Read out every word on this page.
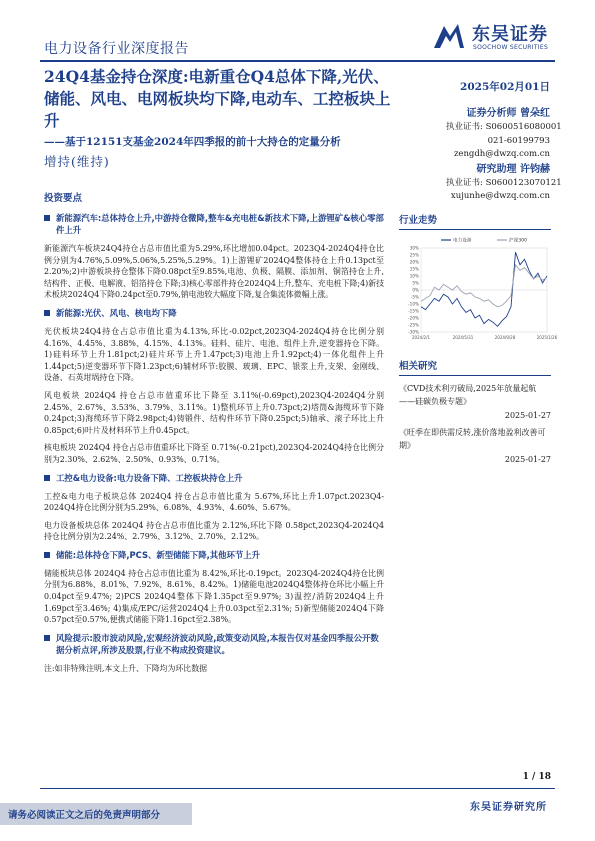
电力设备行业深度报告
东吴证券
SOOCHOW SECURITIES
24Q4基金持仓深度:电新重仓Q4总体下降,光伏、储能、风电、电网板块均下降,电动车、工控板块上升
——基于12151支基金2024年四季报的前十大持仓的定量分析
增持(维持)
2025年02月01日
证券分析师 曾朵红
执业证书: S0600516080001
021-60199793
zengdh@dwzq.com.cn
研究助理 许钧赫
执业证书: S0600123070121
xujunhe@dwzq.com.cn
投资要点
新能源汽车:总体持仓上升,中游持仓微降,整车&充电桩&新技术下降,上游锂矿&核心零部件上升

新能源汽车板块24Q4持仓占总市值比重为5.29%,环比增加0.04pct。2023Q4-2024Q4持仓比例分别为4.76%,5.09%,5.06%,5.25%,5.29%。1)上游锂矿2024Q4整体持仓上升0.13pct至2.20%;2)中游板块持仓整体下降0.08pct至9.85%,电池、负极、隔膜、添加剂、铜箔持仓上升,结构件、正极、电解液、铝箔持仓下降;3)核心零部件持仓2024Q4上升,整车、充电桩下降;4)新技术板块2024Q4下降0.24pct至0.79%,钠电池较大幅度下降,复合集流体微幅上涨。

新能源:光伏、风电、核电均下降

光伏板块24Q4持仓占总市值比重为4.13%,环比-0.02pct,2023Q4-2024Q4持仓比例分别4.16%、4.45%、3.88%、4.15%、4.13%。硅料、硅片、电池、组件上升,逆变器持仓下降。1)硅料环节上升1.81pct;2)硅片环节上升1.47pct;3)电池上升1.92pct;4)一体化组件上升1.44pct;5)逆变器环节下降1.23pct;6)辅材环节:胶膜、玻璃、EPC、银浆上升,支架、金刚线、设备、石英坩埚持仓下降。

风电板块 2024Q4 持仓占总市值重环比下降至 3.11%(-0.69pct),2023Q4-2024Q4分别2.45%、2.67%、3.53%、3.79%、3.11%。1)整机环节上升0.73pct;2)塔筒&海缆环节下降0.24pct;3)海缆环节下降2.98pct;4)铸锻件、结构件环节下降0.25pct;5)轴承、滚子环比上升0.85pct;6)叶片及材料环节上升0.45pct。

核电板块 2024Q4 持仓占总市值重环比下降至 0.71%(-0.21pct),2023Q4-2024Q4持仓比例分别为2.30%、2.62%、2.50%、0.93%、0.71%。

工控&电力设备:电力设备下降、工控板块持仓上升

工控&电力电子板块总体 2024Q4 持仓占总市值比重为 5.67%,环比上升1.07pct.2023Q4-2024Q4持仓比例分别为5.29%、6.08%、4.93%、4.60%、5.67%。

电力设备板块总体 2024Q4 持仓占总市值比重为 2.12%,环比下降 0.58pct,2023Q4-2024Q4持仓比例分别为2.24%、2.79%、3.12%、2.70%、2.12%。

储能:总体持仓下降,PCS、新型储能下降,其他环节上升

储能板块总体 2024Q4 持仓占总市值比重为 8.42%,环比-0.19pct。2023Q4-2024Q4持仓比例分别为6.88%、8.01%、7.92%、8.61%、8.42%。1)储能电池2024Q4整体持仓环比小幅上升0.04pct至9.47%; 2)PCS 2024Q4整体下降1.35pct至9.97%; 3)温控/消防2024Q4上升1.69pct至3.46%; 4)集成/EPC/运营2024Q4上升0.03pct至2.31%; 5)新型储能2024Q4下降0.57pct至0.57%,便携式储能下降1.16pct至2.38%。

风险提示:股市波动风险,宏观经济波动风险,政策变动风险,本报告仅对基金四季报公开数据分析点评,所涉及股票,行业不构成投资建议。

注:如非特殊注明,本文上升、下降均为环比数据

行业走势
30%
25%
20%
15%
10%
5%
0%
-5%
-10%
-15%
-20%
-25%
-30%
2024/2/1	2024/5/31	2024/9/28	2025/1/26
电力设备	沪深300
相关研究
《CVD技术利刃破局,2025年放量起航——硅碳负极专题》
2025-01-27
《旺季在即供需反转,涨价落地盈利改善可期》
2025-01-27
1 / 18
东吴证券研究所
请务必阅读正文之后的免责声明部分
